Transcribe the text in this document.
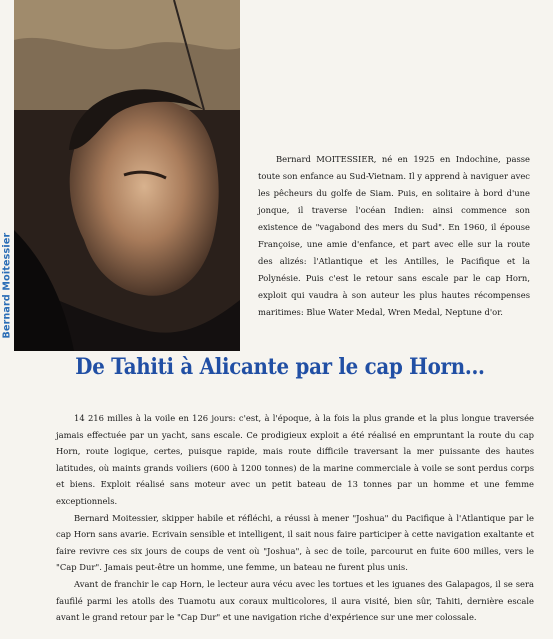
Bernard Moitessier

Bernard MOITESSIER, né en 1925 en Indochine, passe toute son enfance au Sud-Vietnam. Il y apprend à naviguer avec les pêcheurs du golfe de Siam. Puis, en solitaire à bord d'une jonque, il traverse l'océan Indien: ainsi commence son existence de "vagabond des mers du Sud". En 1960, il épouse Françoise, une amie d'enfance, et part avec elle sur la route des alizés: l'Atlantique et les Antilles, le Pacifique et la Polynésie. Puis c'est le retour sans escale par le cap Horn, exploit qui vaudra à son auteur les plus hautes récompenses maritimes: Blue Water Medal, Wren Medal, Neptune d'or.

De Tahiti à Alicante par le cap Horn...

14 216 milles à la voile en 126 jours: c'est, à l'époque, à la fois la plus grande et la plus longue traversée jamais effectuée par un yacht, sans escale. Ce prodigieux exploit a été réalisé en empruntant la route du cap Horn, route logique, certes, puisque rapide, mais route difficile traversant la mer puissante des hautes latitudes, où maints grands voiliers (600 à 1200 tonnes) de la marine commerciale à voile se sont perdus corps et biens. Exploit réalisé sans moteur avec un petit bateau de 13 tonnes par un homme et une femme exceptionnels.

Bernard Moitessier, skipper habile et réfléchi, a réussi à mener "Joshua" du Pacifique à l'Atlantique par le cap Horn sans avarie. Ecrivain sensible et intelligent, il sait nous faire participer à cette navigation exaltante et faire revivre ces six jours de coups de vent où "Joshua", à sec de toile, parcourut en fuite 600 milles, vers le "Cap Dur". Jamais peut-être un homme, une femme, un bateau ne furent plus unis.

Avant de franchir le cap Horn, le lecteur aura vécu avec les tortues et les iguanes des Galapagos, il se sera faufilé parmi les atolls des Tuamotu aux coraux multicolores, il aura visité, bien sûr, Tahiti, dernière escale avant le grand retour par le "Cap Dur" et une navigation riche d'expérience sur une mer colossale.
